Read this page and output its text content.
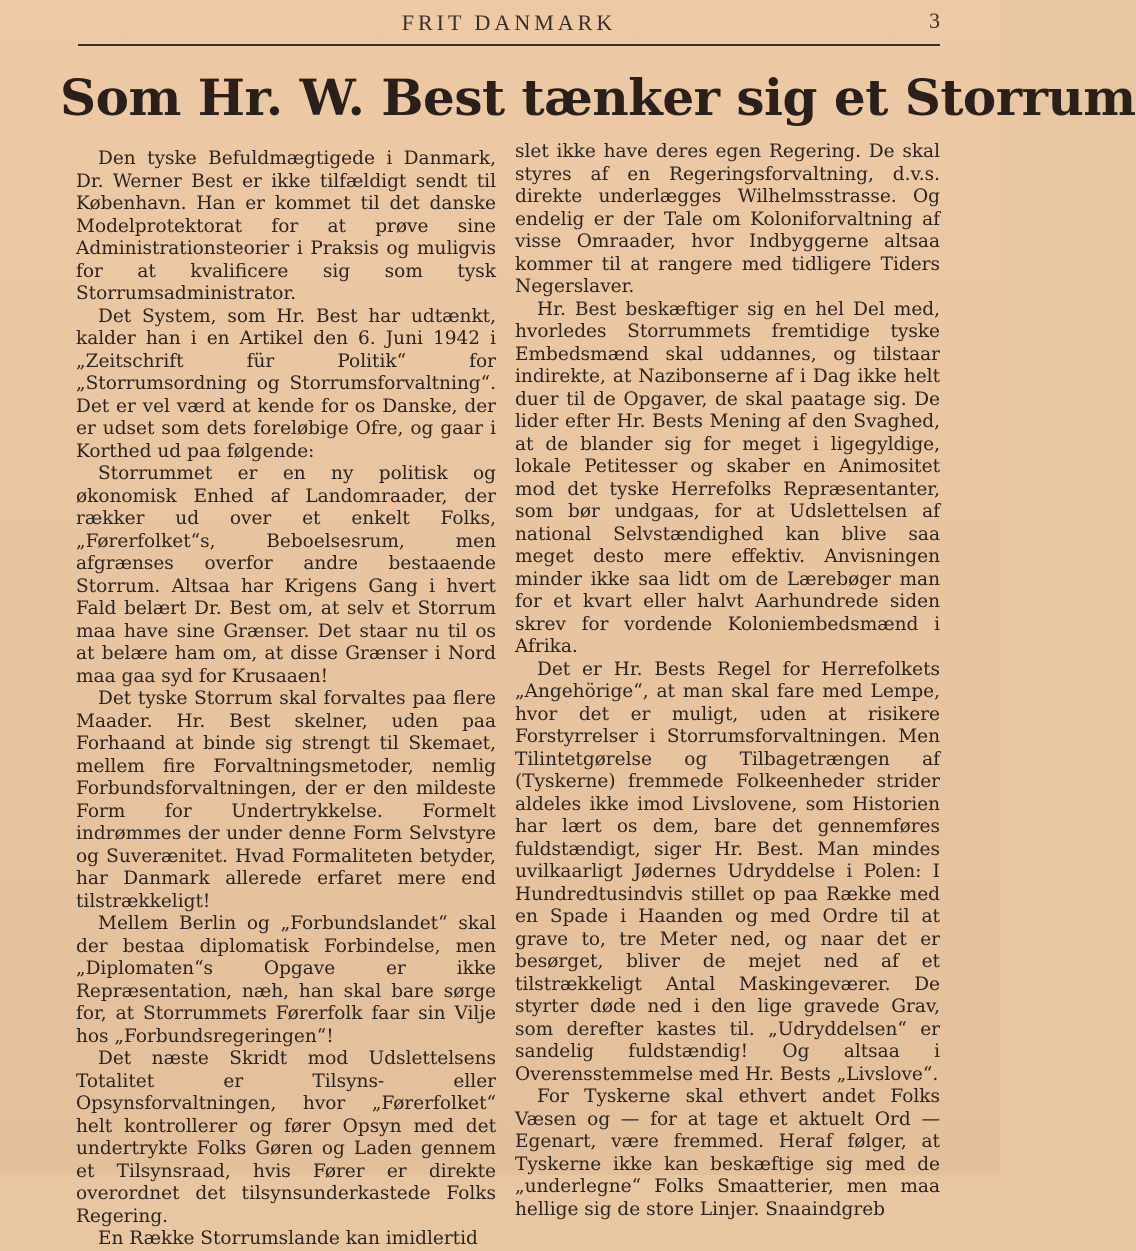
FRIT DANMARK	3
Som Hr. W. Best tænker sig et Storrum

Den tyske Befuldmægtigede i Danmark, Dr. Werner Best er ikke tilfældigt sendt til København. Han er kommet til det danske Modelprotektorat for at prøve sine Administrationsteorier i Praksis og muligvis for at kvalificere sig som tysk Storrumsadministrator.

Det System, som Hr. Best har udtænkt, kalder han i en Artikel den 6. Juni 1942 i „Zeitschrift für Politik“ for „Storrumsordning og Storrumsforvaltning“. Det er vel værd at kende for os Danske, der er udset som dets foreløbige Ofre, og gaar i Korthed ud paa følgende:

Storrummet er en ny politisk og økonomisk Enhed af Landomraader, der rækker ud over et enkelt Folks, „Førerfolket“s, Beboelsesrum, men afgrænses overfor andre bestaaende Storrum. Altsaa har Krigens Gang i hvert Fald belært Dr. Best om, at selv et Storrum maa have sine Grænser. Det staar nu til os at belære ham om, at disse Grænser i Nord maa gaa syd for Krusaaen!

Det tyske Storrum skal forvaltes paa flere Maader. Hr. Best skelner, uden paa Forhaand at binde sig strengt til Skemaet, mellem fire Forvaltningsmetoder, nemlig Forbundsforvaltningen, der er den mildeste Form for Undertrykkelse. Formelt indrømmes der under denne Form Selvstyre og Suverænitet. Hvad Formaliteten betyder, har Danmark allerede erfaret mere end tilstrækkeligt!

Mellem Berlin og „Forbundslandet“ skal der bestaa diplomatisk Forbindelse, men „Diplomaten“s Opgave er ikke Repræsentation, næh, han skal bare sørge for, at Storrummets Førerfolk faar sin Vilje hos „Forbundsregeringen“!

Det næste Skridt mod Udslettelsens Totalitet er Tilsyns- eller Opsynsforvaltningen, hvor „Førerfolket“ helt kontrollerer og fører Opsyn med det undertrykte Folks Gøren og Laden gennem et Tilsynsraad, hvis Fører er direkte overordnet det tilsynsunderkastede Folks Regering.

En Række Storrumslande kan imidlertid

slet ikke have deres egen Regering. De skal styres af en Regeringsforvaltning, d.v.s. direkte underlægges Wilhelmsstrasse. Og endelig er der Tale om Koloniforvaltning af visse Omraader, hvor Indbyggerne altsaa kommer til at rangere med tidligere Tiders Negerslaver.

Hr. Best beskæftiger sig en hel Del med, hvorledes Storrummets fremtidige tyske Embedsmænd skal uddannes, og tilstaar indirekte, at Nazibonserne af i Dag ikke helt duer til de Opgaver, de skal paatage sig. De lider efter Hr. Bests Mening af den Svaghed, at de blander sig for meget i ligegyldige, lokale Petitesser og skaber en Animositet mod det tyske Herrefolks Repræsentanter, som bør undgaas, for at Udslettelsen af national Selvstændighed kan blive saa meget desto mere effektiv. Anvisningen minder ikke saa lidt om de Lærebøger man for et kvart eller halvt Aarhundrede siden skrev for vordende Koloniembedsmænd i Afrika.

Det er Hr. Bests Regel for Herrefolkets „Angehörige“, at man skal fare med Lempe, hvor det er muligt, uden at risikere Forstyrrelser i Storrumsforvaltningen. Men Tilintetgørelse og Tilbagetrængen af (Tyskerne) fremmede Folkeenheder strider aldeles ikke imod Livslovene, som Historien har lært os dem, bare det gennemføres fuldstændigt, siger Hr. Best. Man mindes uvilkaarligt Jødernes Udryddelse i Polen: I Hundredtusindvis stillet op paa Række med en Spade i Haanden og med Ordre til at grave to, tre Meter ned, og naar det er besørget, bliver de mejet ned af et tilstrækkeligt Antal Maskingeværer. De styrter døde ned i den lige gravede Grav, som derefter kastes til. „Udryddelsen“ er sandelig fuldstændig! Og altsaa i Overensstemmelse med Hr. Bests „Livslove“.

For Tyskerne skal ethvert andet Folks Væsen og — for at tage et aktuelt Ord — Egenart, være fremmed. Heraf følger, at Tyskerne ikke kan beskæftige sig med de „underlegne“ Folks Smaatterier, men maa hellige sig de store Linjer. Snaaindgreb
